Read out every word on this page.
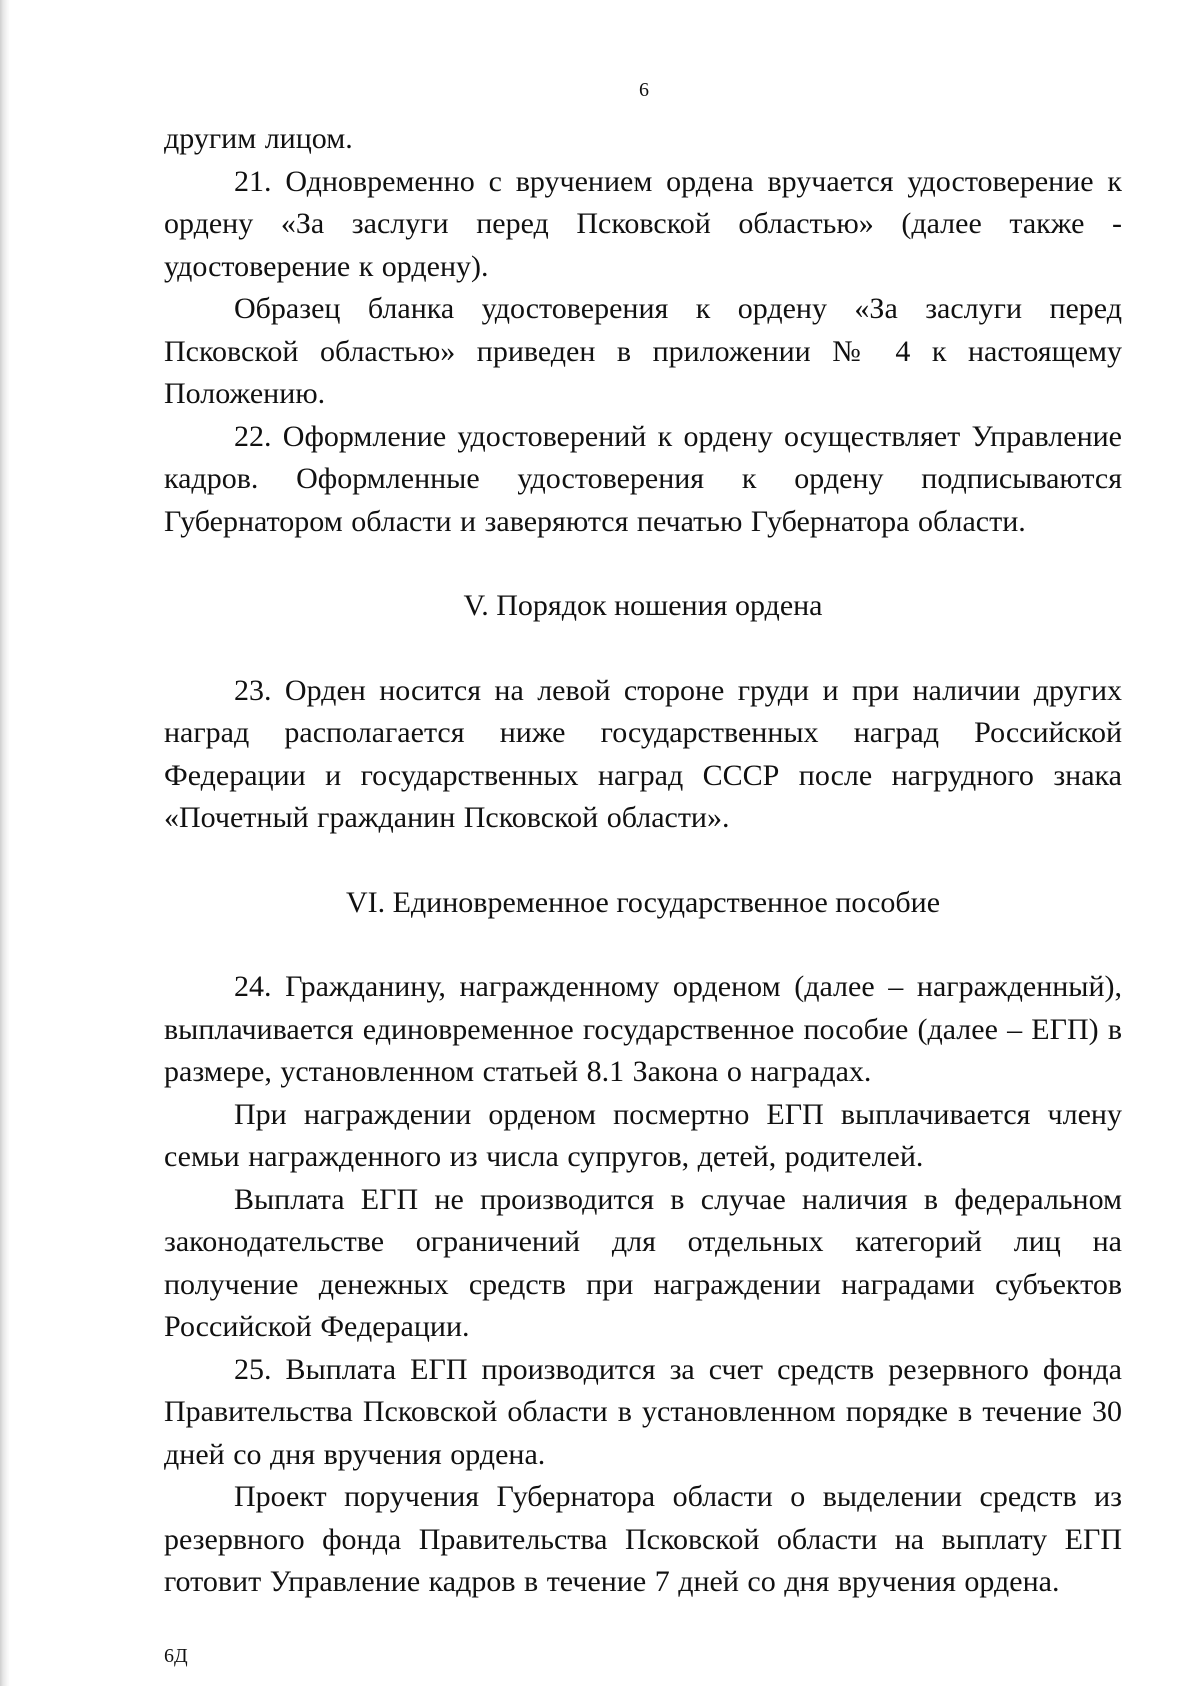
6

другим лицом.

21. Одновременно с вручением ордена вручается удостоверение к ордену «За заслуги перед Псковской областью» (далее также - удостоверение к ордену).

Образец бланка удостоверения к ордену «За заслуги перед Псковской областью» приведен в приложении № 4 к настоящему Положению.

22. Оформление удостоверений к ордену осуществляет Управление кадров. Оформленные удостоверения к ордену подписываются Губернатором области и заверяются печатью Губернатора области.

V. Порядок ношения ордена

23. Орден носится на левой стороне груди и при наличии других наград располагается ниже государственных наград Российской Федерации и государственных наград СССР после нагрудного знака «Почетный гражданин Псковской области».

VI. Единовременное государственное пособие

24. Гражданину, награжденному орденом (далее – награжденный), выплачивается единовременное государственное пособие (далее – ЕГП) в размере, установленном статьей 8.1 Закона о наградах.

При награждении орденом посмертно ЕГП выплачивается члену семьи награжденного из числа супругов, детей, родителей.

Выплата ЕГП не производится в случае наличия в федеральном законодательстве ограничений для отдельных категорий лиц на получение денежных средств при награждении наградами субъектов Российской Федерации.

25. Выплата ЕГП производится за счет средств резервного фонда Правительства Псковской области в установленном порядке в течение 30 дней со дня вручения ордена.

Проект поручения Губернатора области о выделении средств из резервного фонда Правительства Псковской области на выплату ЕГП готовит Управление кадров в течение 7 дней со дня вручения ордена.

6Д
